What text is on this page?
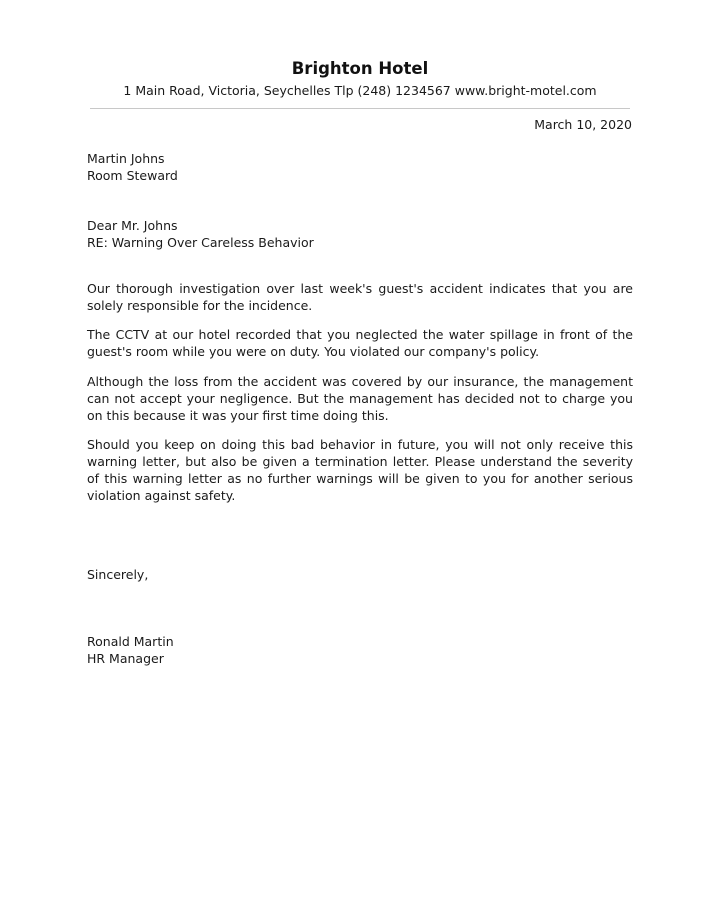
Brighton Hotel
1 Main Road, Victoria, Seychelles Tlp (248) 1234567 www.bright-motel.com
March 10, 2020
Martin Johns
Room Steward
Dear Mr. Johns
RE: Warning Over Careless Behavior
Our thorough investigation over last week's guest's accident indicates that you are solely responsible for the incidence.
The CCTV at our hotel recorded that you neglected the water spillage in front of the guest's room while you were on duty. You violated our company's policy.
Although the loss from the accident was covered by our insurance, the management can not accept your negligence. But the management has decided not to charge you on this because it was your first time doing this.
Should you keep on doing this bad behavior in future, you will not only receive this warning letter, but also be given a termination letter. Please understand the severity of this warning letter as no further warnings will be given to you for another serious violation against safety.
Sincerely,
Ronald Martin
HR Manager
